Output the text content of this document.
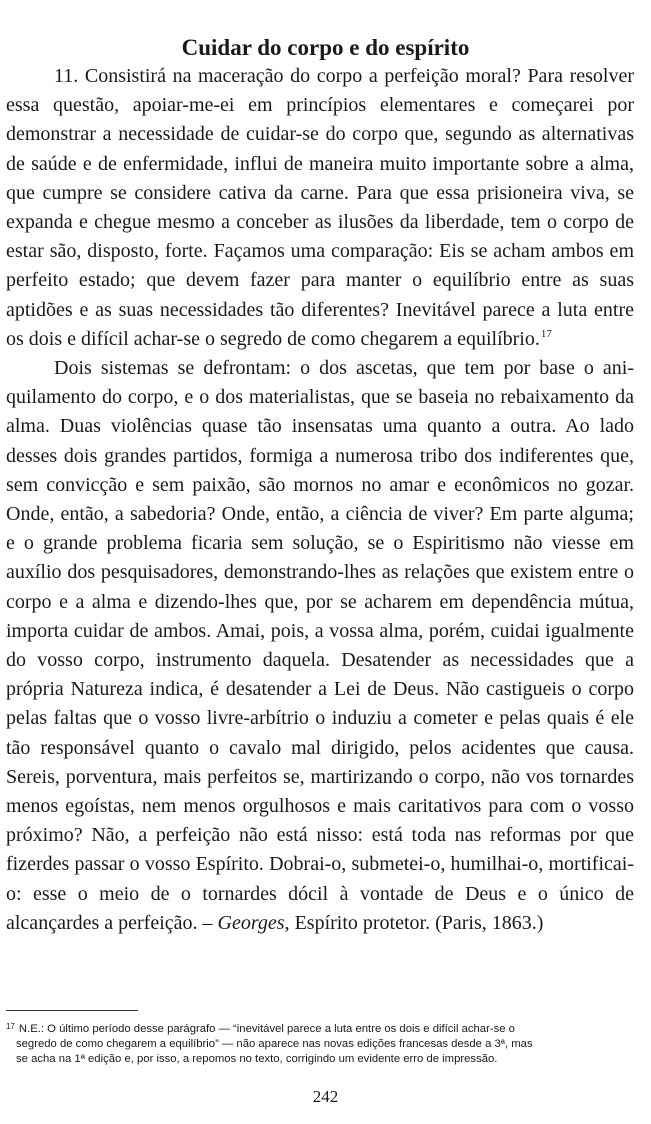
Cuidar do corpo e do espírito

11. Consistirá na maceração do corpo a perfeição moral? Para resolver essa questão, apoiar-me-ei em princípios elementares e começarei por demonstrar a necessidade de cuidar-se do corpo que, segundo as alternativas de saúde e de enfermidade, influi de maneira muito importante sobre a alma, que cumpre se considere cativa da carne. Para que essa prisioneira viva, se expanda e chegue mesmo a conceber as ilusões da liberdade, tem o corpo de estar são, disposto, forte. Façamos uma comparação: Eis se acham ambos em perfeito estado; que devem fazer para manter o equilíbrio entre as suas aptidões e as suas necessidades tão diferentes? Inevitável parece a luta entre os dois e difícil achar-se o segredo de como chegarem a equilíbrio.$^{17}$

Dois sistemas se defrontam: o dos ascetas, que tem por base o aniquilamento do corpo, e o dos materialistas, que se baseia no rebaixamento da alma. Duas violências quase tão insensatas uma quanto a outra. Ao lado desses dois grandes partidos, formiga a numerosa tribo dos indiferentes que, sem convicção e sem paixão, são mornos no amar e econômicos no gozar. Onde, então, a sabedoria? Onde, então, a ciência de viver? Em parte alguma; e o grande problema ficaria sem solução, se o Espiritismo não viesse em auxílio dos pesquisadores, demonstrando-lhes as relações que existem entre o corpo e a alma e dizendo-lhes que, por se acharem em dependência mútua, importa cuidar de ambos. Amai, pois, a vossa alma, porém, cuidai igualmente do vosso corpo, instrumento daquela. Desatender as necessidades que a própria Natureza indica, é desatender a Lei de Deus. Não castigueis o corpo pelas faltas que o vosso livre-arbítrio o induziu a cometer e pelas quais é ele tão responsável quanto o cavalo mal dirigido, pelos acidentes que causa. Sereis, porventura, mais perfeitos se, martirizando o corpo, não vos tornardes menos egoístas, nem menos orgulhosos e mais caritativos para com o vosso próximo? Não, a perfeição não está nisso: está toda nas reformas por que fizerdes passar o vosso Espírito. Dobrai-o, submetei-o, humilhai-o, mortificai-o: esse o meio de o tornardes dócil à vontade de Deus e o único de alcançardes a perfeição. – Georges, Espírito protetor. (Paris, 1863.)

$^{17}$ N.E.: O último período desse parágrafo — “inevitável parece a luta entre os dois e difícil achar-se o
segredo de como chegarem a equilíbrio” — não aparece nas novas edições francesas desde a 3ª, mas
se acha na 1ª edição e, por isso, a repomos no texto, corrigindo um evidente erro de impressão.
242
